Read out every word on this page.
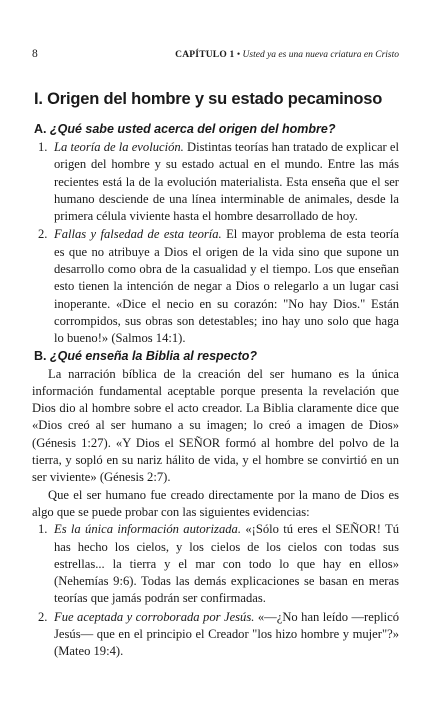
8	CAPÍTULO 1 • Usted ya es una nueva criatura en Cristo
I. Origen del hombre y su estado pecaminoso
A. ¿Qué sabe usted acerca del origen del hombre?
1. La teoría de la evolución. Distintas teorías han tratado de explicar el origen del hombre y su estado actual en el mundo. Entre las más recientes está la de la evolución materialista. Esta enseña que el ser humano desciende de una línea interminable de animales, desde la primera célula viviente hasta el hombre desarrollado de hoy.
2. Fallas y falsedad de esta teoría. El mayor problema de esta teoría es que no atribuye a Dios el origen de la vida sino que supone un desarrollo como obra de la casualidad y el tiempo. Los que enseñan esto tienen la intención de negar a Dios o relegarlo a un lugar casi inoperante. «Dice el necio en su corazón: "No hay Dios." Están corrompidos, sus obras son detestables; ino hay uno solo que haga lo bueno!» (Salmos 14:1).
B. ¿Qué enseña la Biblia al respecto?

La narración bíblica de la creación del ser humano es la única información fundamental aceptable porque presenta la revelación que Dios dio al hombre sobre el acto creador. La Biblia claramente dice que «Dios creó al ser humano a su imagen; lo creó a imagen de Dios» (Génesis 1:27). «Y Dios el SEÑOR formó al hombre del polvo de la tierra, y sopló en su nariz hálito de vida, y el hombre se convirtió en un ser viviente» (Génesis 2:7).

Que el ser humano fue creado directamente por la mano de Dios es algo que se puede probar con las siguientes evidencias:

1. Es la única información autorizada. «¡Sólo tú eres el SEÑOR! Tú has hecho los cielos, y los cielos de los cielos con todas sus estrellas... la tierra y el mar con todo lo que hay en ellos» (Nehemías 9:6). Todas las demás explicaciones se basan en meras teorías que jamás podrán ser confirmadas.
2. Fue aceptada y corroborada por Jesús. «—¿No han leído —replicó Jesús— que en el principio el Creador "los hizo hombre y mujer"?» (Mateo 19:4).
